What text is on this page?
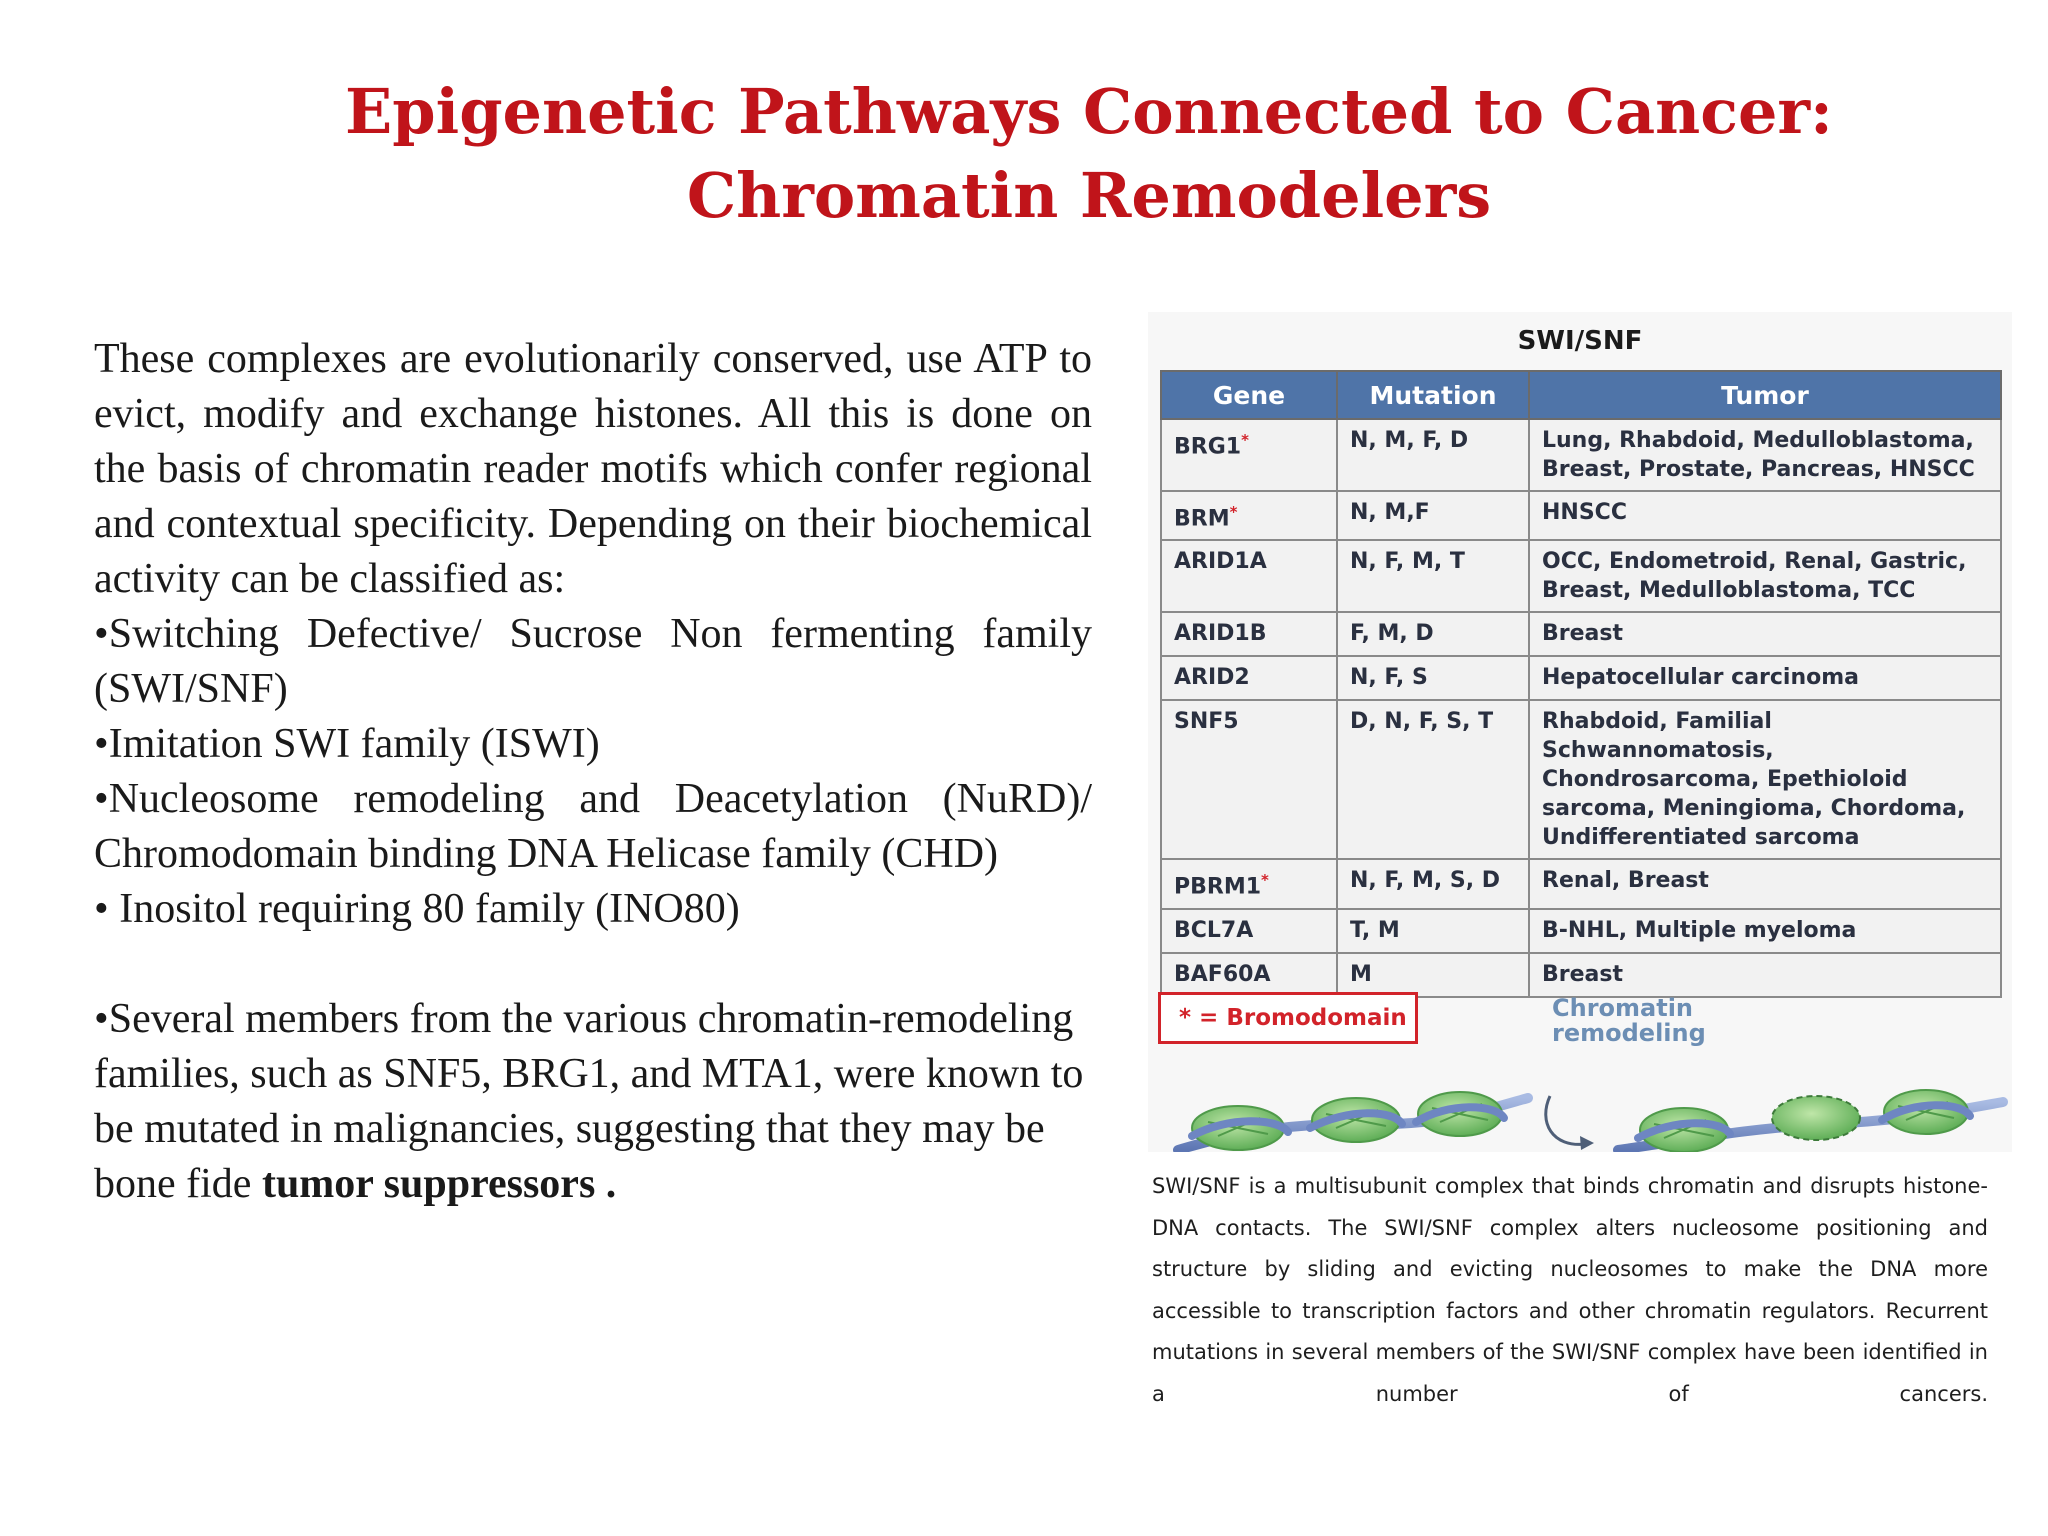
Epigenetic Pathways Connected to Cancer:
Chromatin Remodelers

These complexes are evolutionarily conserved, use ATP to evict, modify and exchange histones. All this is done on the basis of chromatin reader motifs which confer regional and contextual specificity. Depending on their biochemical activity can be classified as:

•Switching Defective/ Sucrose Non fermenting family (SWI/SNF)

•Imitation SWI family (ISWI)

•Nucleosome remodeling and Deacetylation (NuRD)/ Chromodomain binding DNA Helicase family (CHD)

• Inositol requiring 80 family (INO80)

•Several members from the various chromatin-remodeling families, such as SNF5, BRG1, and MTA1, were known to be mutated in malignancies, suggesting that they may be bone fide tumor suppressors .

SWI/SNF
Gene	Mutation	Tumor
BRG1*	N, M, F, D	Lung, Rhabdoid, Medulloblastoma, Breast, Prostate, Pancreas, HNSCC
BRM*	N, M,F	HNSCC
ARID1A	N, F, M, T	OCC, Endometroid, Renal, Gastric, Breast, Medulloblastoma, TCC
ARID1B	F, M, D	Breast
ARID2	N, F, S	Hepatocellular carcinoma
SNF5	D, N, F, S, T	Rhabdoid, Familial Schwannomatosis, Chondrosarcoma, Epethioloid sarcoma, Meningioma, Chordoma, Undifferentiated sarcoma
PBRM1*	N, F, M, S, D	Renal, Breast
BCL7A	T, M	B-NHL, Multiple myeloma
BAF60A	M	Breast
* = Bromodomain	Chromatin remodeling
SWI/SNF is a multisubunit complex that binds chromatin and disrupts histone-DNA contacts. The SWI/SNF complex alters nucleosome positioning and structure by sliding and evicting nucleosomes to make the DNA more accessible to transcription factors and other chromatin regulators. Recurrent mutations in several members of the SWI/SNF complex have been identified in a number of cancers.
